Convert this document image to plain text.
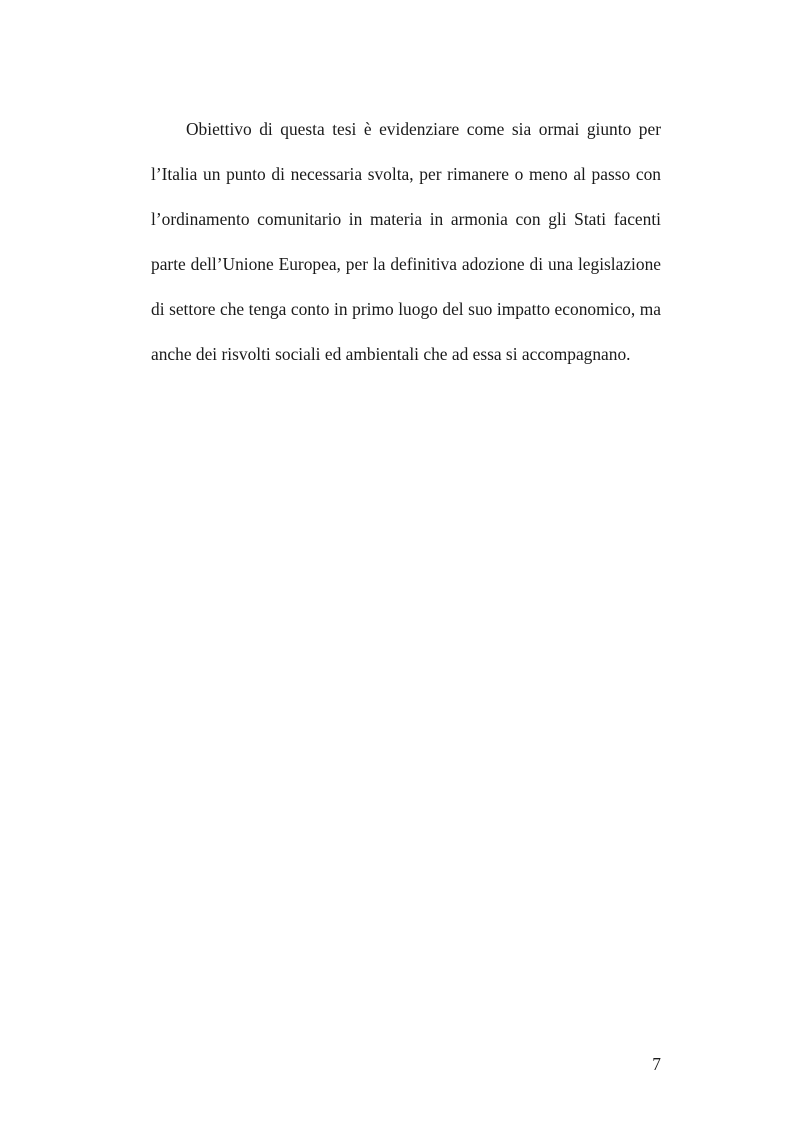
Obiettivo di questa tesi è evidenziare come sia ormai giunto per l’Italia un punto di necessaria svolta, per rimanere o meno al passo con l’ordinamento comunitario in materia in armonia con gli Stati facenti parte dell’Unione Europea, per la definitiva adozione di una legislazione di settore che tenga conto in primo luogo del suo impatto economico, ma anche dei risvolti sociali ed ambientali che ad essa si accompagnano.

7
